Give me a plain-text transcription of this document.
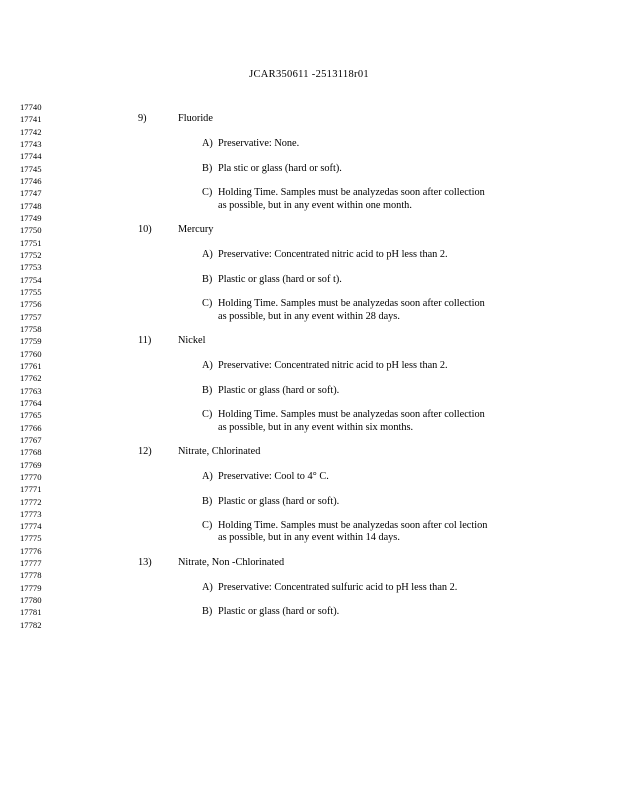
JCAR350611 -2513118r01
17740
17741
17742
17743
17744
17745
17746
17747
17748
17749
17750
17751
17752
17753
17754
17755
17756
17757
17758
17759
17760
17761
17762
17763
17764
17765
17766
17767
17768
17769
17770
17771
17772
17773
17774
17775
17776
17777
17778
17779
17780
17781
17782
9)	Fluoride
A) Preservative: None.
B) Pla stic or glass (hard or soft).
C) Holding Time. Samples must be analyzedas soon after collection
as possible, but in any event within one month.
10)	Mercury
A) Preservative: Concentrated nitric acid to pH less than 2.
B) Plastic or glass (hard or sof t).
C) Holding Time. Samples must be analyzedas soon after collection
as possible, but in any event within 28 days.
11)	Nickel
A) Preservative: Concentrated nitric acid to pH less than 2.
B) Plastic or glass (hard or soft).
C) Holding Time. Samples must be analyzedas soon after collection
as possible, but in any event within six months.
12)	Nitrate, Chlorinated
A) Preservative: Cool to 4° C.
B) Plastic or glass (hard or soft).
C) Holding Time. Samples must be analyzedas soon after col lection
as possible, but in any event within 14 days.
13)	Nitrate, Non -Chlorinated
A) Preservative: Concentrated sulfuric acid to pH less than 2.
B) Plastic or glass (hard or soft).
